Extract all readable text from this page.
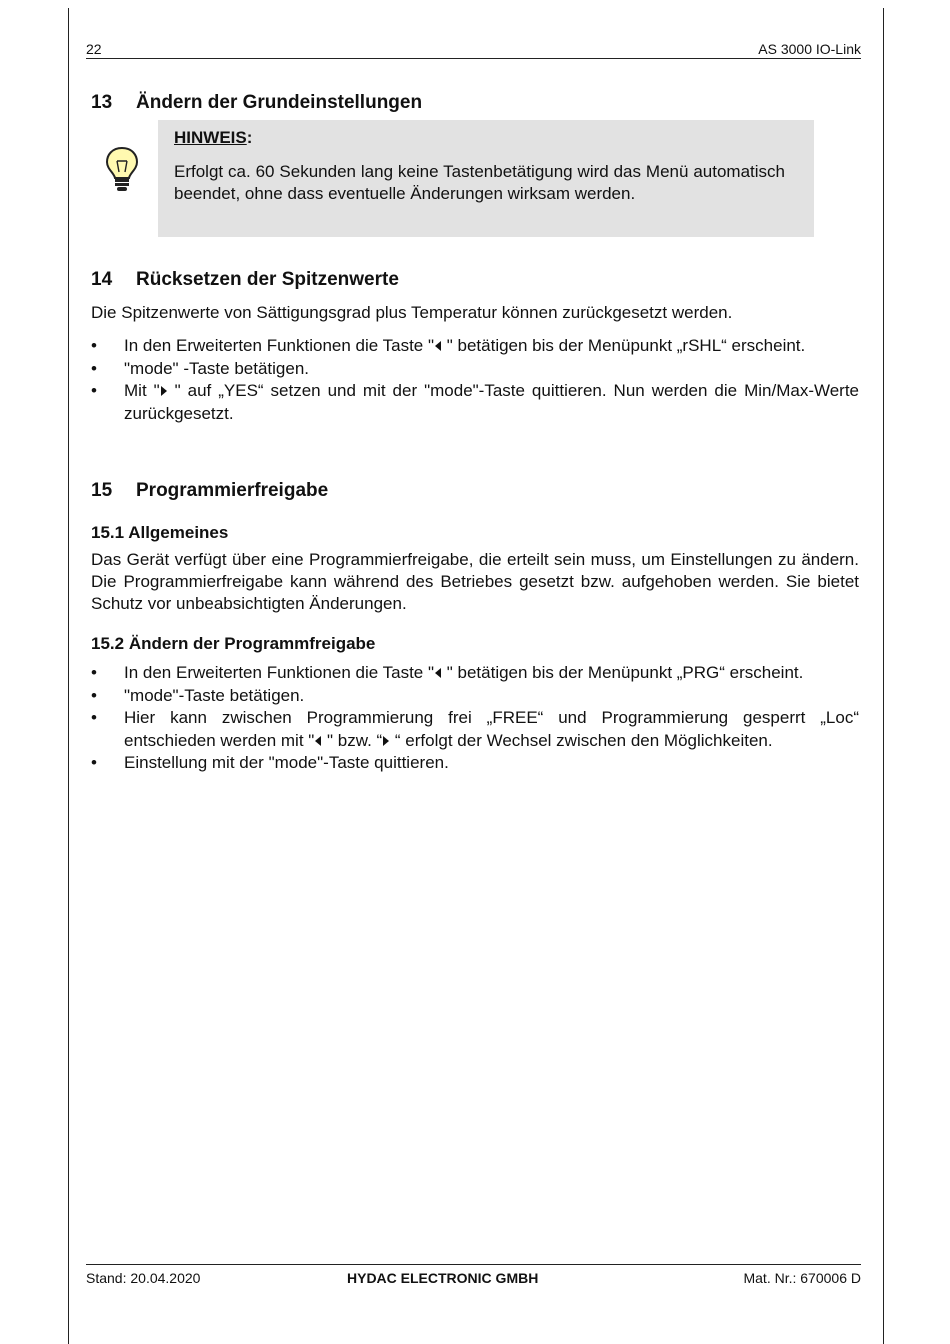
22	AS 3000 IO-Link
13 Ändern der Grundeinstellungen
HINWEIS:
Erfolgt ca. 60 Sekunden lang keine Tastenbetätigung wird das Menü automatisch beendet, ohne dass eventuelle Änderungen wirksam werden.
14 Rücksetzen der Spitzenwerte
Die Spitzenwerte von Sättigungsgrad plus Temperatur können zurückgesetzt werden.
• In den Erweiterten Funktionen die Taste " " betätigen bis der Menüpunkt „rSHL“ erscheint.
• "mode" -Taste betätigen.
• Mit " " auf „YES“ setzen und mit der "mode"-Taste quittieren. Nun werden die Min/Max-Werte zurückgesetzt.
15 Programmierfreigabe
15.1 Allgemeines
Das Gerät verfügt über eine Programmierfreigabe, die erteilt sein muss, um Einstellungen zu ändern. Die Programmierfreigabe kann während des Betriebes gesetzt bzw. aufgehoben werden. Sie bietet Schutz vor unbeabsichtigten Änderungen.
15.2 Ändern der Programmfreigabe
• In den Erweiterten Funktionen die Taste " " betätigen bis der Menüpunkt „PRG“ erscheint.
• "mode"-Taste betätigen.
• Hier kann zwischen Programmierung frei „FREE“ und Programmierung gesperrt „Loc“ entschieden werden mit " " bzw. “ “ erfolgt der Wechsel zwischen den Möglichkeiten.
• Einstellung mit der "mode"-Taste quittieren.
Stand: 20.04.2020	HYDAC ELECTRONIC GMBH	Mat. Nr.: 670006 D
